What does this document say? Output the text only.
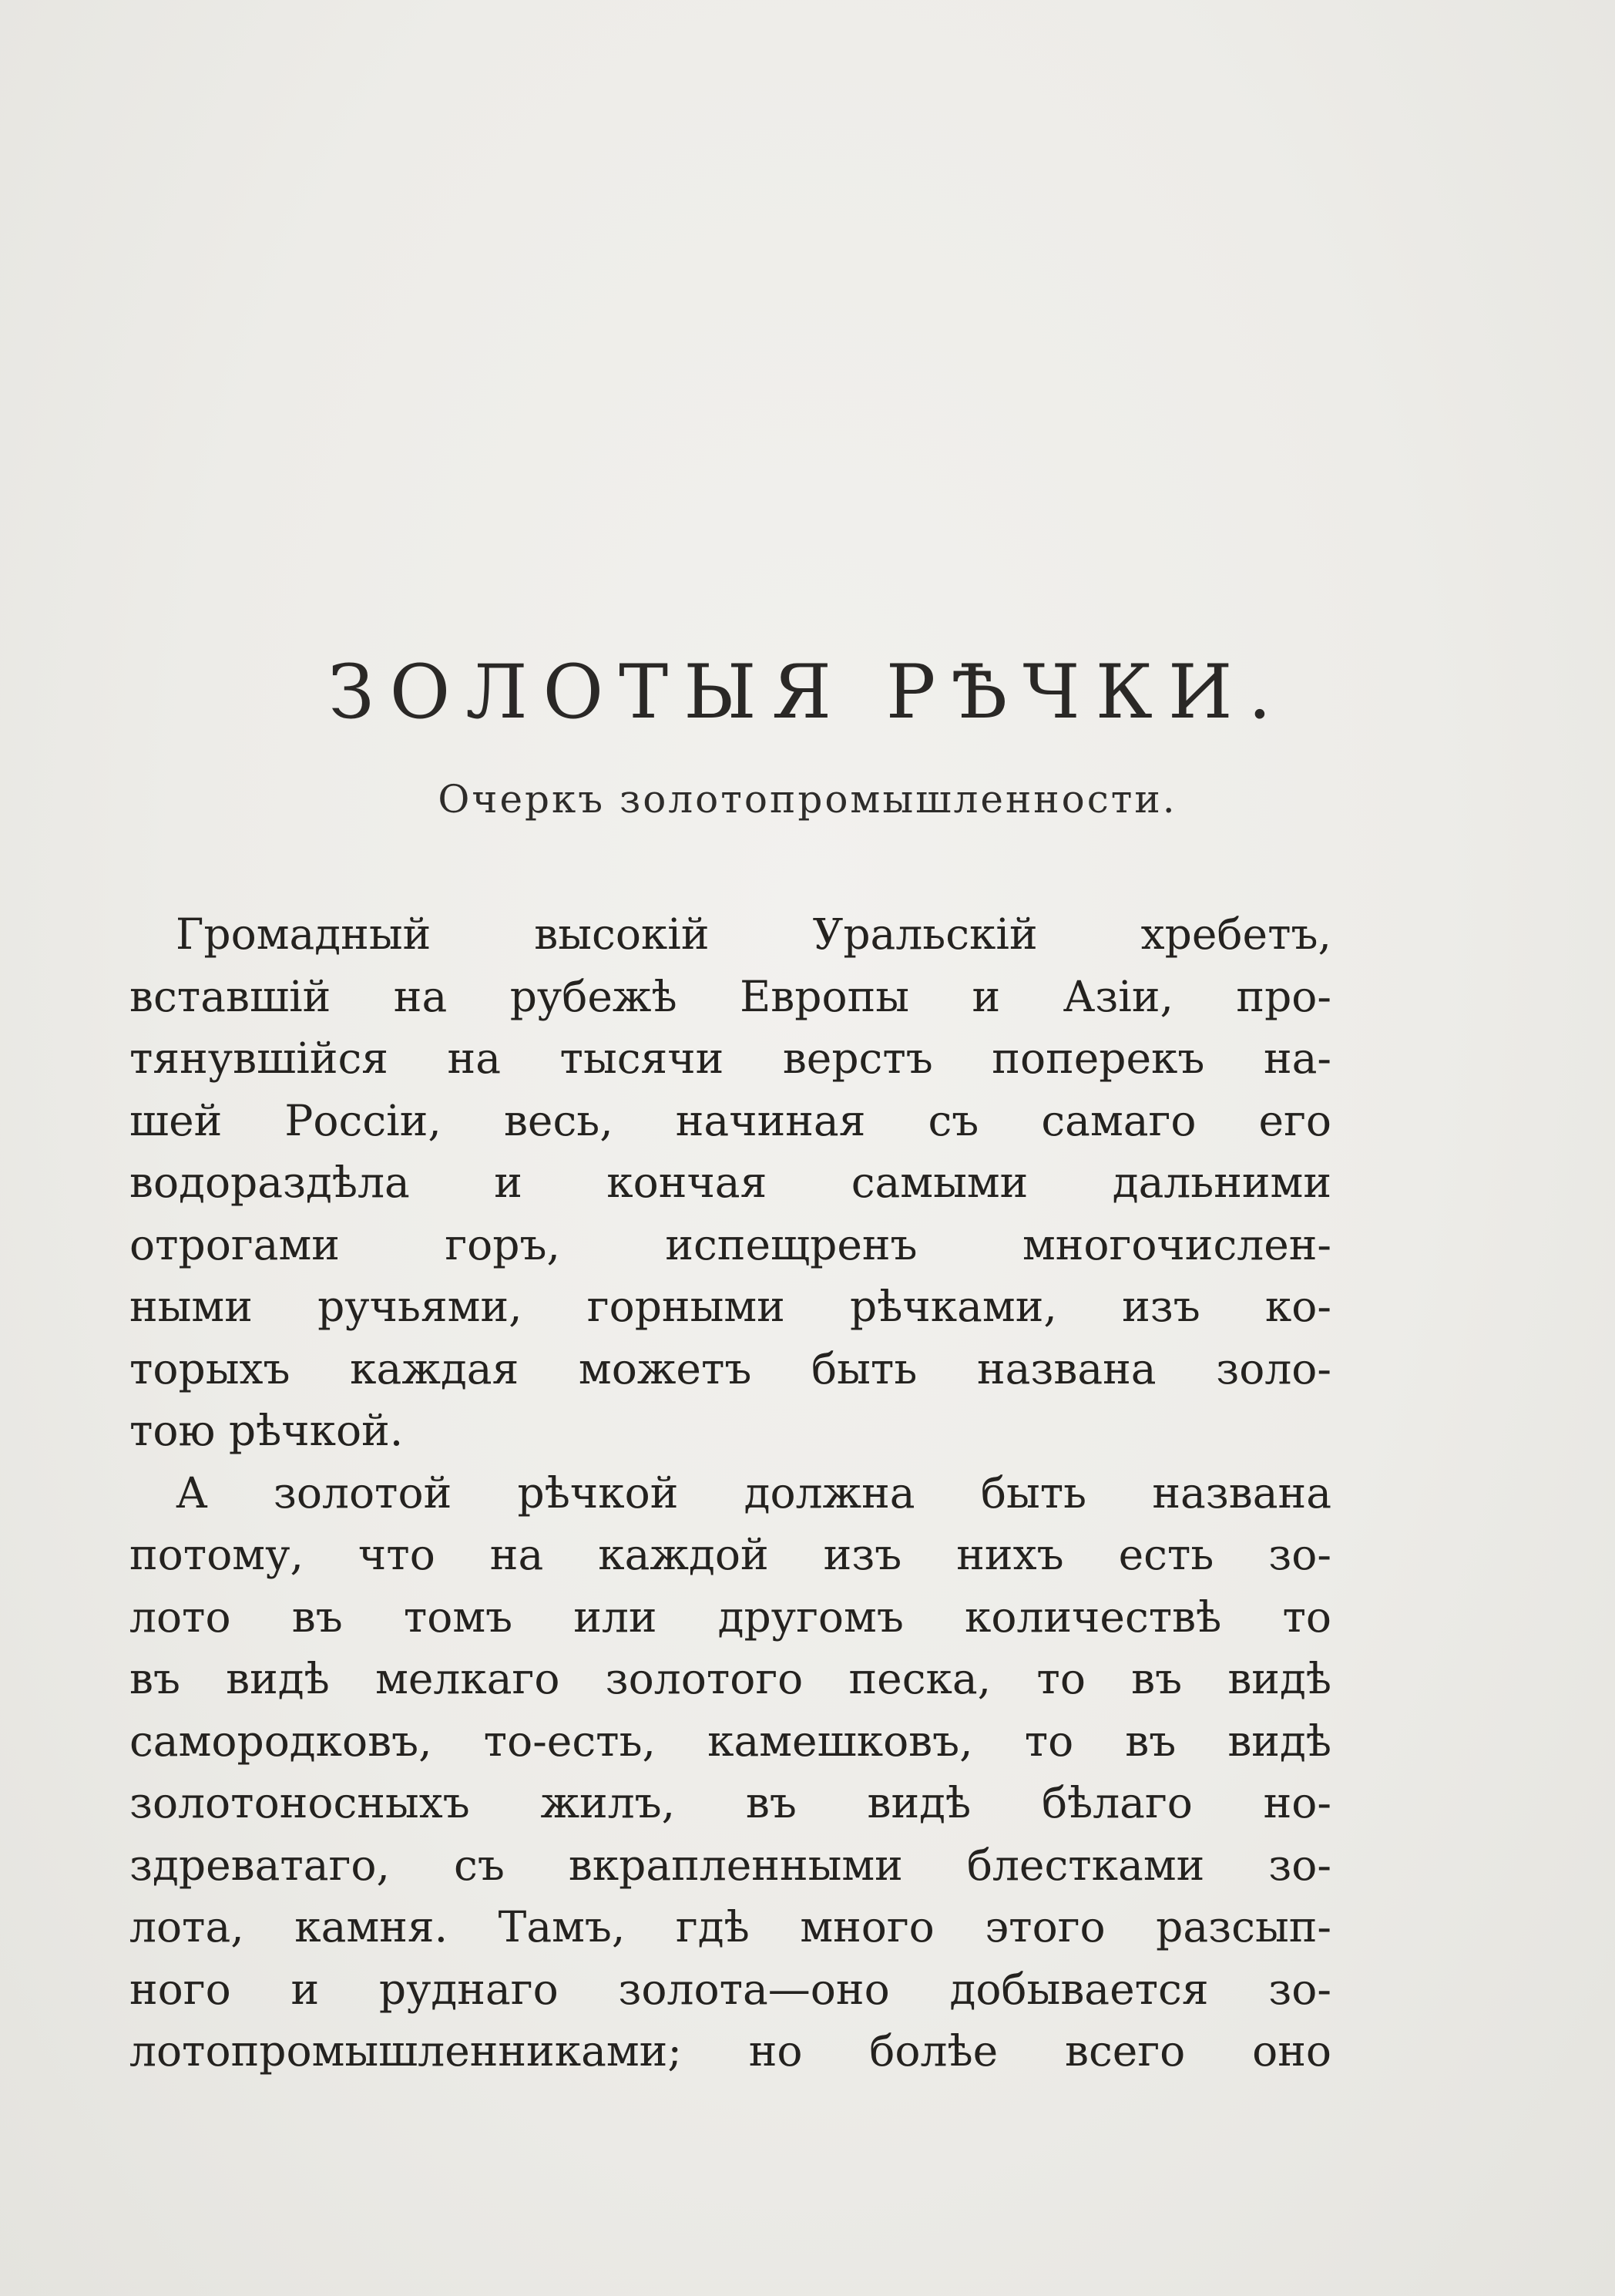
ЗОЛОТЫЯ РѢЧКИ.
Очеркъ золотопромышленности.
Громадный высокій Уральскій хребетъ,
вставшій на рубежѣ Европы и Азіи, про-
тянувшійся на тысячи верстъ поперекъ на-
шей Россіи, весь, начиная съ самаго его
водораздѣла и кончая самыми дальними
отрогами горъ, испещренъ многочислен-
ными ручьями, горными рѣчками, изъ ко-
торыхъ каждая можетъ быть названа золо-
тою рѣчкой.
А золотой рѣчкой должна быть названа
потому, что на каждой изъ нихъ есть зо-
лото въ томъ или другомъ количествѣ то
въ видѣ мелкаго золотого песка, то въ видѣ
самородковъ, то-есть, камешковъ, то въ видѣ
золотоносныхъ жилъ, въ видѣ бѣлаго но-
здреватаго, съ вкрапленными блестками зо-
лота, камня. Тамъ, гдѣ много этого разсып-
ного и руднаго золота—оно добывается зо-
лотопромышленниками; но болѣе всего оно
